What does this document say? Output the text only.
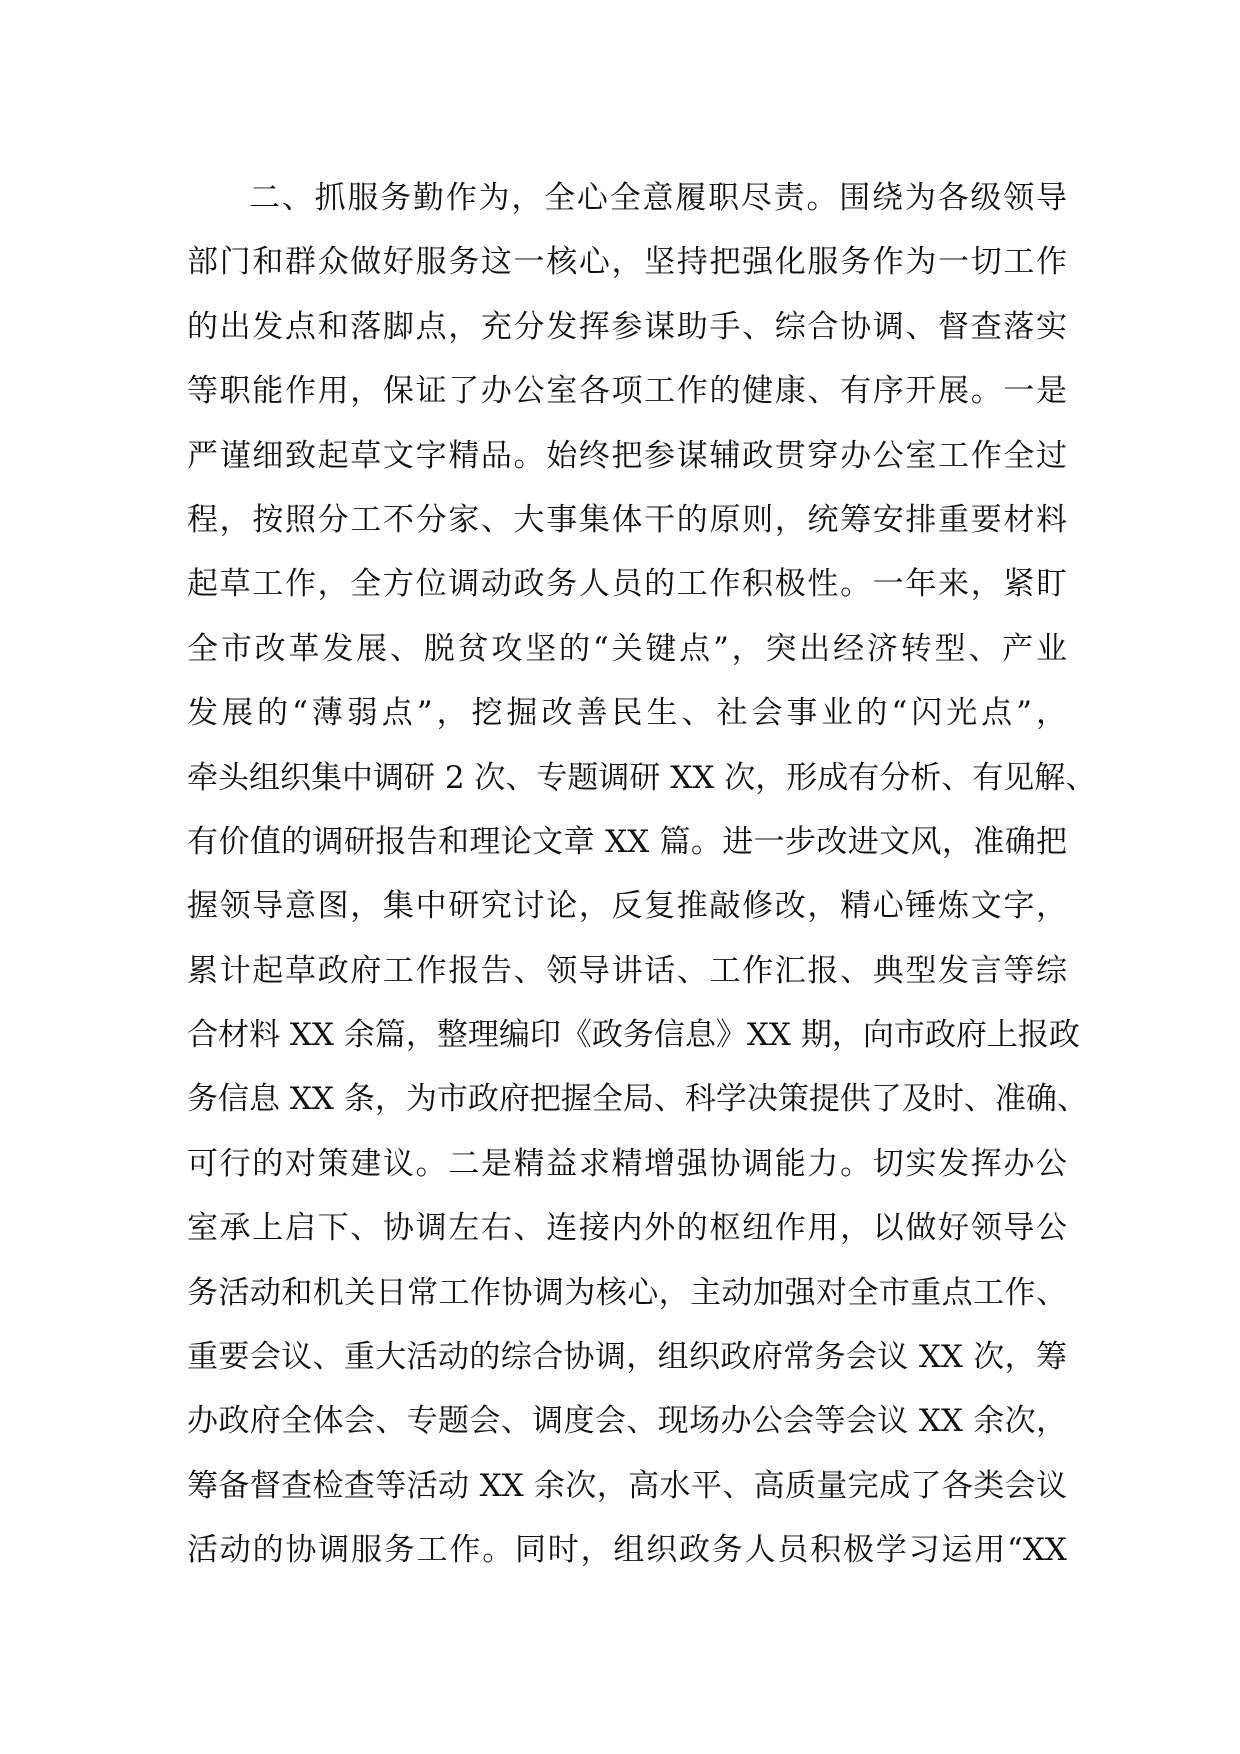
二、抓服务勤作为，全心全意履职尽责。围绕为各级领导
部门和群众做好服务这一核心，坚持把强化服务作为一切工作
的出发点和落脚点，充分发挥参谋助手、综合协调、督查落实
等职能作用，保证了办公室各项工作的健康、有序开展。一是
严谨细致起草文字精品。始终把参谋辅政贯穿办公室工作全过
程，按照分工不分家、大事集体干的原则，统筹安排重要材料
起草工作，全方位调动政务人员的工作积极性。一年来，紧盯
全市改革发展、脱贫攻坚的“关键点”，突出经济转型、产业
发展的“薄弱点”，挖掘改善民生、社会事业的“闪光点”，
牵头组织集中调研 2 次、专题调研 XX 次，形成有分析、有见解、
有价值的调研报告和理论文章 XX 篇。进一步改进文风，准确把
握领导意图，集中研究讨论，反复推敲修改，精心锤炼文字，
累计起草政府工作报告、领导讲话、工作汇报、典型发言等综
合材料 XX 余篇，整理编印《政务信息》XX 期，向市政府上报政
务信息 XX 条，为市政府把握全局、科学决策提供了及时、准确、
可行的对策建议。二是精益求精增强协调能力。切实发挥办公
室承上启下、协调左右、连接内外的枢纽作用，以做好领导公
务活动和机关日常工作协调为核心，主动加强对全市重点工作、
重要会议、重大活动的综合协调，组织政府常务会议 XX 次，筹
办政府全体会、专题会、调度会、现场办公会等会议 XX 余次，
筹备督查检查等活动 XX 余次，高水平、高质量完成了各类会议
活动的协调服务工作。同时，组织政务人员积极学习运用“XX
